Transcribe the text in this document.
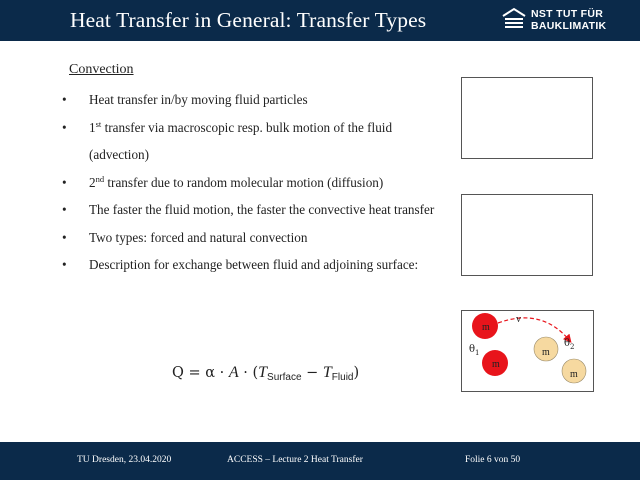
Heat Transfer in General: Transfer Types	NST TUT FÜR
BAUKLIMATIK
Convection
• Heat transfer in/by moving fluid particles
• 1st transfer via macroscopic resp. bulk motion of the fluid (advection)
• 2nd transfer due to random molecular motion (diffusion)
• The faster the fluid motion, the faster the convective heat transfer
• Two types: forced and natural convection
• Description for exchange between fluid and adjoining surface:
$Q = \alpha \cdot A \cdot (T_{Surface} - T_{Fluid})$
v
m
m
m
m
$\theta_1$
$\theta_2$
TU Dresden, 23.04.2020	ACCESS – Lecture 2 Heat Transfer	Folie 6 von 50
